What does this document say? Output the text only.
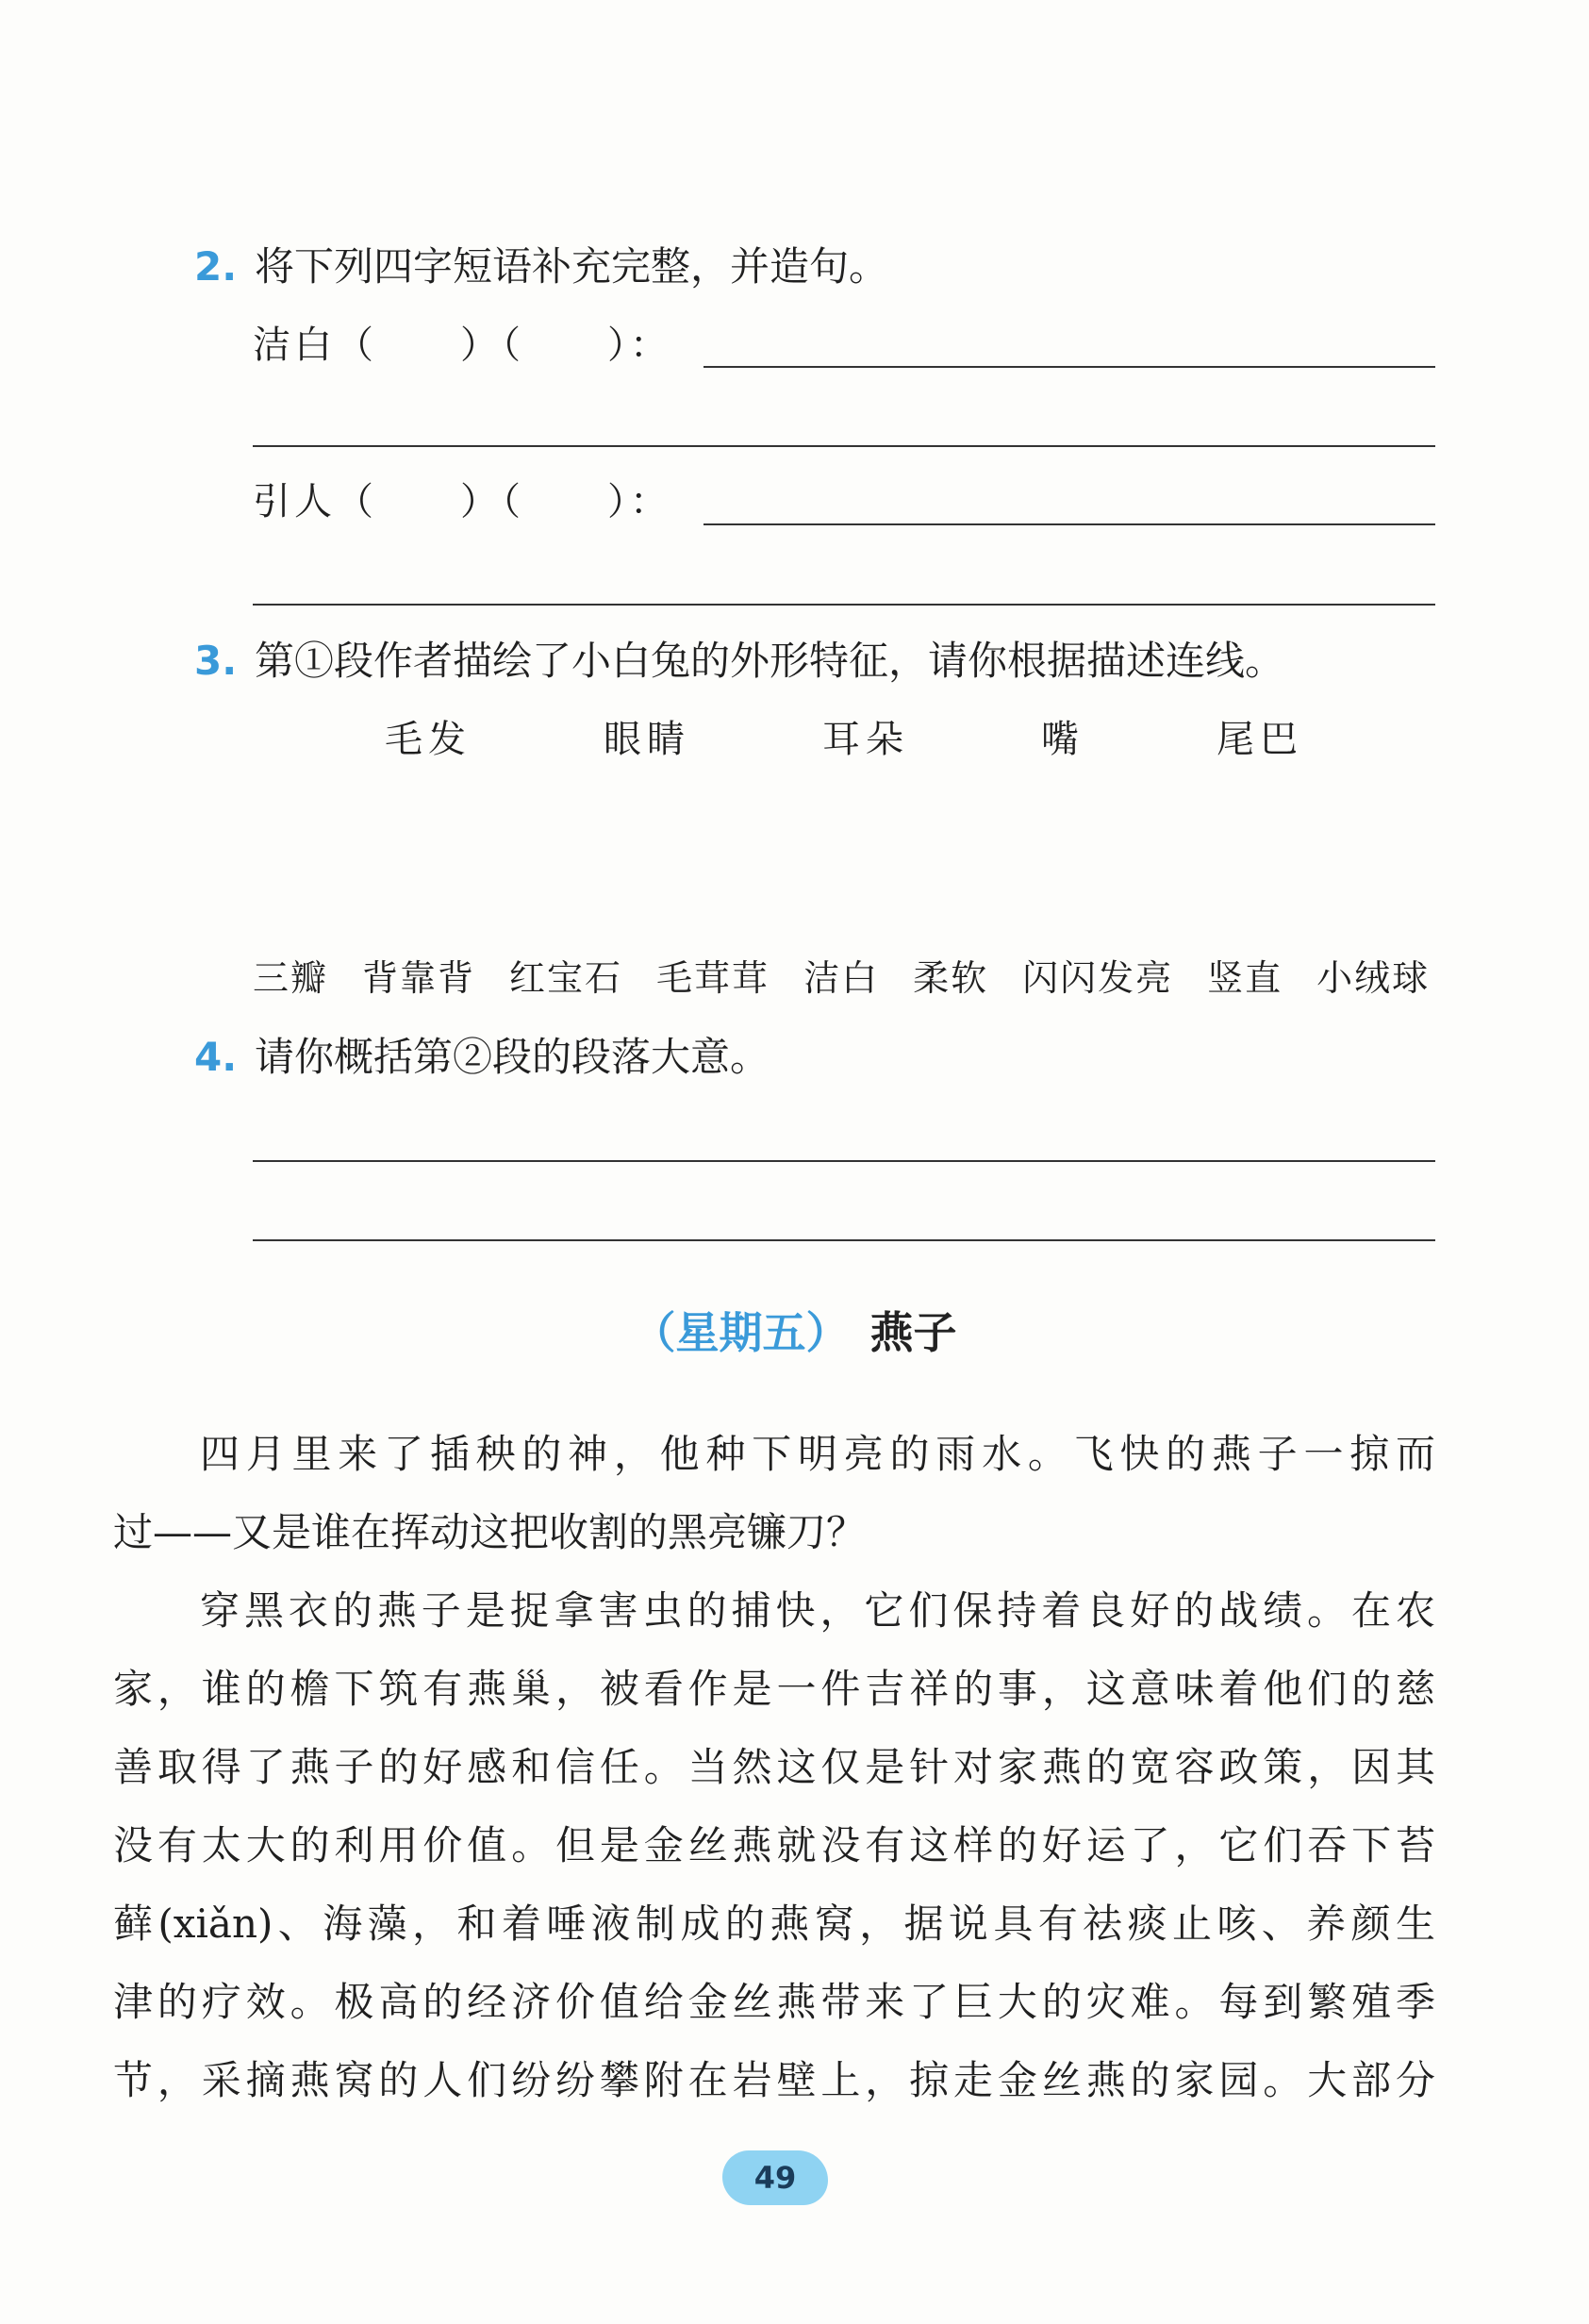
2. 将下列四字短语补充完整，并造句。
洁白（　　）（　　）：
引人（　　）（　　）：
3. 第①段作者描绘了小白兔的外形特征，请你根据描述连线。
毛发	眼睛	耳朵	嘴	尾巴
三瓣 背靠背 红宝石 毛茸茸 洁白 柔软 闪闪发亮 竖直 小绒球
4. 请你概括第②段的段落大意。
（星期五） 燕子
四月里来了插秧的神，他种下明亮的雨水。飞快的燕子一掠而
过——又是谁在挥动这把收割的黑亮镰刀？
穿黑衣的燕子是捉拿害虫的捕快，它们保持着良好的战绩。在农
家，谁的檐下筑有燕巢，被看作是一件吉祥的事，这意味着他们的慈
善取得了燕子的好感和信任。当然这仅是针对家燕的宽容政策，因其
没有太大的利用价值。但是金丝燕就没有这样的好运了，它们吞下苔
藓(xiǎn)、海藻，和着唾液制成的燕窝，据说具有祛痰止咳、养颜生
津的疗效。极高的经济价值给金丝燕带来了巨大的灾难。每到繁殖季
节，采摘燕窝的人们纷纷攀附在岩壁上，掠走金丝燕的家园。大部分
49
